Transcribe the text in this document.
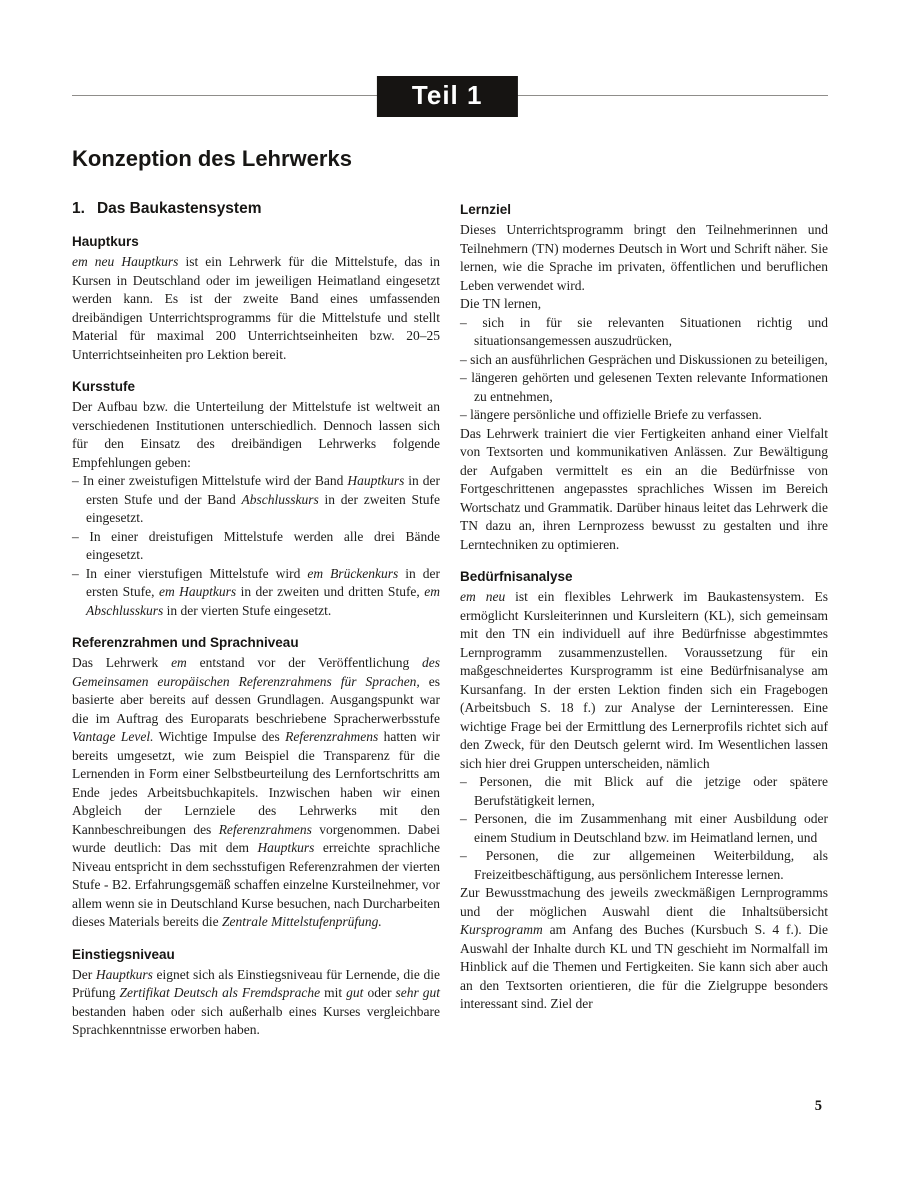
Teil 1
Konzeption des Lehrwerks
1. Das Baukastensystem
Hauptkurs

em neu Hauptkurs ist ein Lehrwerk für die Mittelstufe, das in Kursen in Deutschland oder im jeweiligen Heimatland eingesetzt werden kann. Es ist der zweite Band eines umfassenden dreibändigen Unterrichtsprogramms für die Mittelstufe und stellt Material für maximal 200 Unterrichtseinheiten bzw. 20–25 Unterrichtseinheiten pro Lektion bereit.

Kursstufe

Der Aufbau bzw. die Unterteilung der Mittelstufe ist weltweit an verschiedenen Institutionen unterschiedlich. Dennoch lassen sich für den Einsatz des dreibändigen Lehrwerks folgende Empfehlungen geben:

– In einer zweistufigen Mittelstufe wird der Band Hauptkurs in der ersten Stufe und der Band Abschlusskurs in der zweiten Stufe eingesetzt.
– In einer dreistufigen Mittelstufe werden alle drei Bände eingesetzt.
– In einer vierstufigen Mittelstufe wird em Brückenkurs in der ersten Stufe, em Hauptkurs in der zweiten und dritten Stufe, em Abschlusskurs in der vierten Stufe eingesetzt.
Referenzrahmen und Sprachniveau

Das Lehrwerk em entstand vor der Veröffentlichung des Gemeinsamen europäischen Referenzrahmens für Sprachen, es basierte aber bereits auf dessen Grundlagen. Ausgangspunkt war die im Auftrag des Europarats beschriebene Spracherwerbsstufe Vantage Level. Wichtige Impulse des Referenzrahmens hatten wir bereits umgesetzt, wie zum Beispiel die Transparenz für die Lernenden in Form einer Selbstbeurteilung des Lernfortschritts am Ende jedes Arbeitsbuchkapitels. Inzwischen haben wir einen Abgleich der Lernziele des Lehrwerks mit den Kannbeschreibungen des Referenzrahmens vorgenommen. Dabei wurde deutlich: Das mit dem Hauptkurs erreichte sprachliche Niveau entspricht in dem sechsstufigen Referenzrahmen der vierten Stufe - B2. Erfahrungsgemäß schaffen einzelne Kursteilnehmer, vor allem wenn sie in Deutschland Kurse besuchen, nach Durcharbeiten dieses Materials bereits die Zentrale Mittelstufenprüfung.

Einstiegsniveau

Der Hauptkurs eignet sich als Einstiegsniveau für Lernende, die die Prüfung Zertifikat Deutsch als Fremdsprache mit gut oder sehr gut bestanden haben oder sich außerhalb eines Kurses vergleichbare Sprachkenntnisse erworben haben.

Lernziel

Dieses Unterrichtsprogramm bringt den Teilnehmerinnen und Teilnehmern (TN) modernes Deutsch in Wort und Schrift näher. Sie lernen, wie die Sprache im privaten, öffentlichen und beruflichen Leben verwendet wird.

Die TN lernen,

– sich in für sie relevanten Situationen richtig und situationsangemessen auszudrücken,
– sich an ausführlichen Gesprächen und Diskussionen zu beteiligen,
– längeren gehörten und gelesenen Texten relevante Informationen zu entnehmen,
– längere persönliche und offizielle Briefe zu verfassen.

Das Lehrwerk trainiert die vier Fertigkeiten anhand einer Vielfalt von Textsorten und kommunikativen Anlässen. Zur Bewältigung der Aufgaben vermittelt es ein an die Bedürfnisse von Fortgeschrittenen angepasstes sprachliches Wissen im Bereich Wortschatz und Grammatik. Darüber hinaus leitet das Lehrwerk die TN dazu an, ihren Lernprozess bewusst zu gestalten und ihre Lerntechniken zu optimieren.

Bedürfnisanalyse

em neu ist ein flexibles Lehrwerk im Baukastensystem. Es ermöglicht Kursleiterinnen und Kursleitern (KL), sich gemeinsam mit den TN ein individuell auf ihre Bedürfnisse abgestimmtes Lernprogramm zusammenzustellen. Voraussetzung für ein maßgeschneidertes Kursprogramm ist eine Bedürfnisanalyse am Kursanfang. In der ersten Lektion finden sich ein Fragebogen (Arbeitsbuch S. 18 f.) zur Analyse der Lerninteressen. Eine wichtige Frage bei der Ermittlung des Lernerprofils richtet sich auf den Zweck, für den Deutsch gelernt wird. Im Wesentlichen lassen sich hier drei Gruppen unterscheiden, nämlich

– Personen, die mit Blick auf die jetzige oder spätere Berufstätigkeit lernen,
– Personen, die im Zusammenhang mit einer Ausbildung oder einem Studium in Deutschland bzw. im Heimatland lernen, und
– Personen, die zur allgemeinen Weiterbildung, als Freizeitbeschäftigung, aus persönlichem Interesse lernen.

Zur Bewusstmachung des jeweils zweckmäßigen Lernprogramms und der möglichen Auswahl dient die Inhaltsübersicht Kursprogramm am Anfang des Buches (Kursbuch S. 4 f.). Die Auswahl der Inhalte durch KL und TN geschieht im Normalfall im Hinblick auf die Themen und Fertigkeiten. Sie kann sich aber auch an den Textsorten orientieren, die für die Zielgruppe besonders interessant sind. Ziel der

5
